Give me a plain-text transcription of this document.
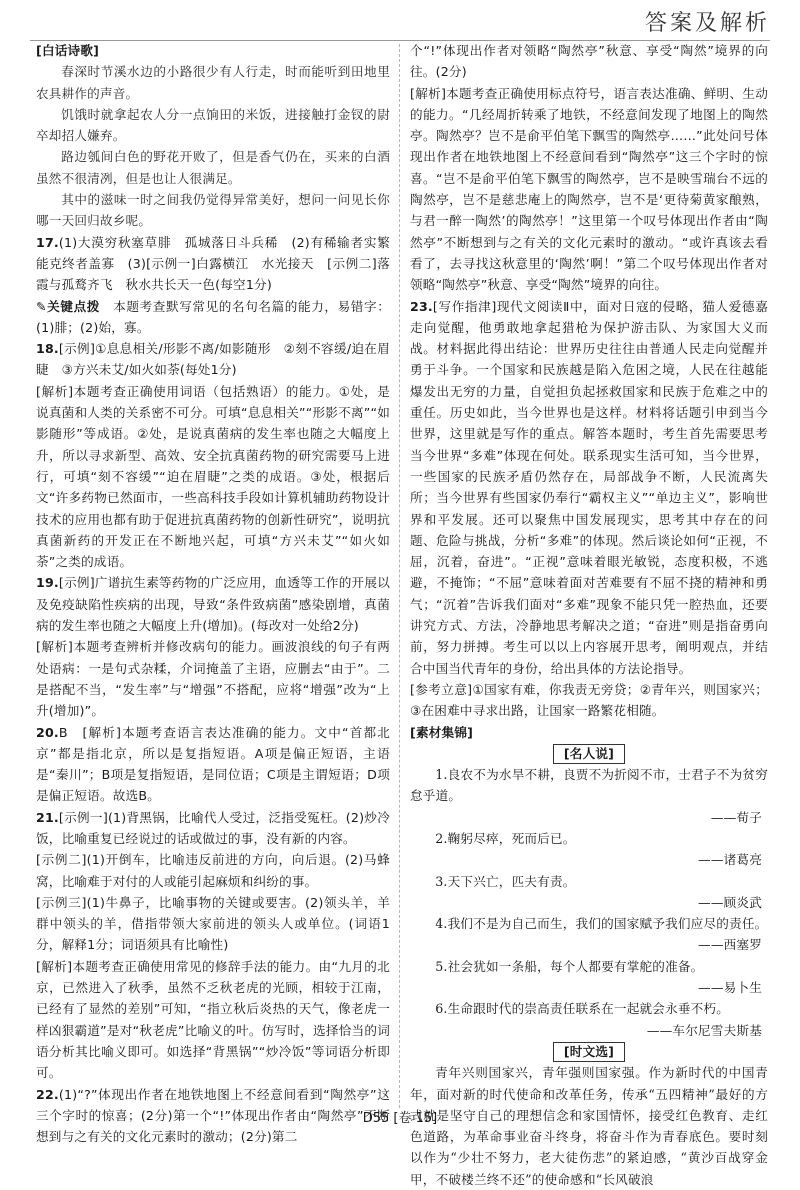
答案及解析

[白话诗歌]

春深时节溪水边的小路很少有人行走，时而能听到田地里农具耕作的声音。

饥饿时就拿起农人分一点饷田的米饭，进接触打金钗的尉卒却招人嫌弃。

路边瓠间白色的野花开败了，但是香气仍在，买来的白酒虽然不很清冽，但是也让人很满足。

其中的滋味一时之间我仍觉得异常美好，想问一问见长你哪一天回归故乡呢。

17.(1)大漠穷秋塞草腓　孤城落日斗兵稀　(2)有稀输者实繁　能克终者盖寡　(3)[示例一]白露横江　水光接天　[示例二]落霞与孤鹜齐飞　秋水共长天一色(每空1分)

✎关键点拨　 本题考查默写常见的名句名篇的能力，易错字：(1)腓；(2)始，寡。

18.[示例]①息息相关/形影不离/如影随形　②刻不容缓/迫在眉睫　③方兴未艾/如火如荼(每处1分)

[解析]本题考查正确使用词语（包括熟语）的能力。①处，是说真菌和人类的关系密不可分。可填“息息相关”“形影不离”“如影随形”等成语。②处，是说真菌病的发生率也随之大幅度上升，所以寻求新型、高效、安全抗真菌药物的研究需要马上进行，可填“刻不容缓”“迫在眉睫”之类的成语。③处，根据后文“许多药物已然面市，一些高科技手段如计算机辅助药物设计技术的应用也都有助于促进抗真菌药物的创新性研究”，说明抗真菌新药的开发正在不断地兴起，可填“方兴未艾”“如火如荼”之类的成语。

19.[示例]广谱抗生素等药物的广泛应用，血透等工作的开展以及免疫缺陷性疾病的出现，导致“条件致病菌”感染剧增，真菌病的发生率也随之大幅度上升(增加)。(每改对一处给2分)

[解析]本题考查辨析并修改病句的能力。画波浪线的句子有两处语病：一是句式杂糅，介词掩盖了主语，应删去“由于”。二是搭配不当，“发生率”与“增强”不搭配，应将“增强”改为“上升(增加)”。

20.B　[解析]本题考查语言表达准确的能力。文中“首都北京”都是指北京，所以是复指短语。A项是偏正短语，主语是“秦川”；B项是复指短语，是同位语；C项是主谓短语；D项是偏正短语。故选B。

21.[示例一](1)背黑锅，比喻代人受过，泛指受冤枉。(2)炒冷饭，比喻重复已经说过的话或做过的事，没有新的内容。

[示例二](1)开倒车，比喻违反前进的方向，向后退。(2)马蜂窝，比喻难于对付的人或能引起麻烦和纠纷的事。

[示例三](1)牛鼻子，比喻事物的关键或要害。(2)领头羊，羊群中领头的羊，借指带领大家前进的领头人或单位。(词语1分，解释1分；词语须具有比喻性)

[解析]本题考查正确使用常见的修辞手法的能力。由“九月的北京，已然进入了秋季，虽然不乏秋老虎的光顾，相较于江南，已经有了显然的差别”可知，“指立秋后炎热的天气，像老虎一样凶狠霸道”是对“秋老虎”比喻义的叶。仿写时，选择恰当的词语分析其比喻义即可。如选择“背黑锅”“炒冷饭”等词语分析即可。

22.(1)“?”体现出作者在地铁地图上不经意间看到“陶然亭”这三个字时的惊喜；(2分)第一个“!”体现出作者由“陶然亭”不断想到与之有关的文化元素时的激动；(2分)第二

个“!”体现出作者对领略“陶然亭”秋意、享受“陶然”境界的向往。(2分)

[解析]本题考查正确使用标点符号，语言表达准确、鲜明、生动的能力。“几经周折转乘了地铁，不经意间发现了地图上的陶然亭。陶然亭？岂不是俞平伯笔下飘雪的陶然亭……”此处问号体现出作者在地铁地图上不经意间看到“陶然亭”这三个字时的惊喜。“岂不是俞平伯笔下飘雪的陶然亭，岂不是映雪瑞台不远的陶然亭，岂不是慈悲庵上的陶然亭，岂不是‘更待菊黄家酿熟，与君一醉一陶然’的陶然亭！”这里第一个叹号体现出作者由“陶然亭”不断想到与之有关的文化元素时的激动。“或许真该去看看了，去寻找这秋意里的‘陶然’啊！”第二个叹号体现出作者对领略“陶然亭”秋意、享受“陶然”境界的向往。

23.[写作指津]现代文阅读Ⅱ中，面对日寇的侵略，猫人爱德嘉走向觉醒，他勇敢地拿起猎枪为保护游击队、为家国大义而战。材料据此得出结论：世界历史往往由普通人民走向觉醒并勇于斗争。一个国家和民族越是陷入危困之境，人民在往越能爆发出无穷的力量，自觉担负起拯救国家和民族于危难之中的重任。历史如此，当今世界也是这样。材料将话题引申到当今世界，这里就是写作的重点。解答本题时，考生首先需要思考当今世界“多难”体现在何处。联系现实生活可知，当今世界，一些国家的民族矛盾仍然存在，局部战争不断，人民流离失所；当今世界有些国家仍奉行“霸权主义”“单边主义”，影响世界和平发展。还可以聚焦中国发展现实，思考其中存在的问题、危险与挑战，分析“多难”的体现。然后谈论如何“正视，不屈，沉着，奋进”。“正视”意味着眼光敏锐，态度积极，不逃避，不掩饰；“不屈”意味着面对苦难要有不屈不挠的精神和勇气；“沉着”告诉我们面对“多难”现象不能只凭一腔热血，还要讲究方式、方法，冷静地思考解决之道；“奋进”则是指奋勇向前，努力拼搏。考生可以以上内容展开思考，阐明观点，并结合中国当代青年的身份，给出具体的方法论指导。

[参考立意]①国家有难，你我责无旁贷；②青年兴，则国家兴；③在困难中寻求出路，让国家一路繁花相随。

[素材集锦]

[名人说]

1.良农不为水旱不耕，良贾不为折阅不市，士君子不为贫穷怠乎道。

——荀子

2.鞠躬尽瘁，死而后已。

——诸葛亮

3.天下兴亡，匹夫有责。

——顾炎武

4.我们不是为自己而生，我们的国家赋予我们应尽的责任。

——西塞罗

5.社会犹如一条船，每个人都要有掌舵的准备。

——易卜生

6.生命跟时代的崇高责任联系在一起就会永垂不朽。

——车尔尼雪夫斯基

[时文选]

青年兴则国家兴，青年强则国家强。作为新时代的中国青年，面对新的时代使命和改革任务，传承“五四精神”最好的方式就是坚守自己的理想信念和家国情怀，接受红色教育、走红色道路，为革命事业奋斗终身，将奋斗作为青春底色。要时刻以作为“少壮不努力，老大徒伤悲”的紧迫感，“黄沙百战穿金甲，不破楼兰终不还”的使命感和“长风破浪

D55 [卷 15]
